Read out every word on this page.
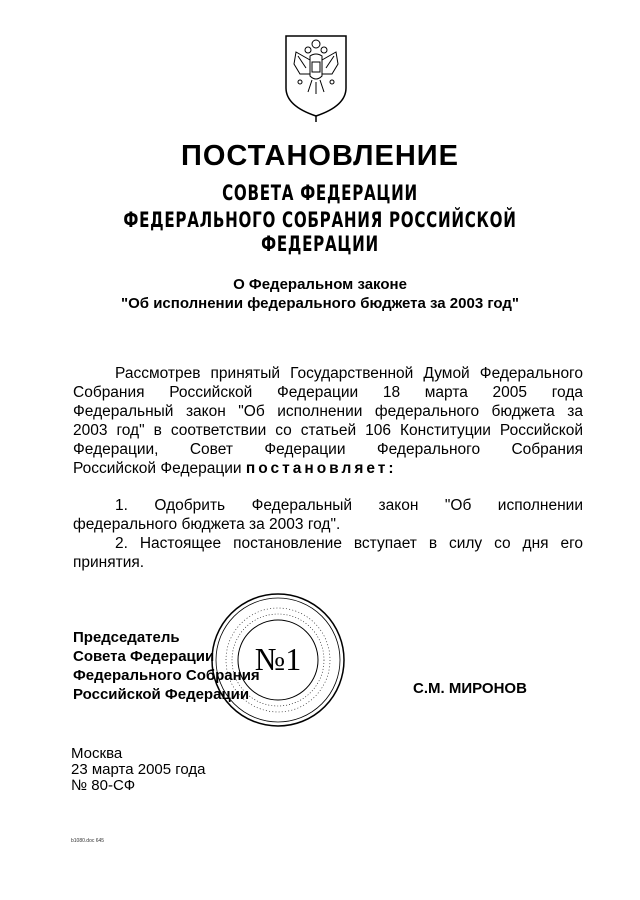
ПОСТАНОВЛЕНИЕ
СОВЕТА ФЕДЕРАЦИИ
ФЕДЕРАЛЬНОГО СОБРАНИЯ РОССИЙСКОЙ ФЕДЕРАЦИИ
О Федеральном законе
"Об исполнении федерального бюджета за 2003 год"
Рассмотрев принятый Государственной Думой Федерального
Собрания Российской Федерации 18 марта 2005 года
Федеральный закон "Об исполнении федерального бюджета за
2003 год" в соответствии со статьей 106 Конституции Российской
Федерации, Совет Федерации Федерального Собрания
Российской Федерации постановляет:
1. Одобрить Федеральный закон "Об исполнении
федерального бюджета за 2003 год".
2. Настоящее постановление вступает в силу со дня его
принятия.
№1
Председатель
Совета Федерации
Федерального Собрания
Российской Федерации	С.М. МИРОНОВ
Москва
23 марта 2005 года
№ 80-СФ
b1080.doc 645
